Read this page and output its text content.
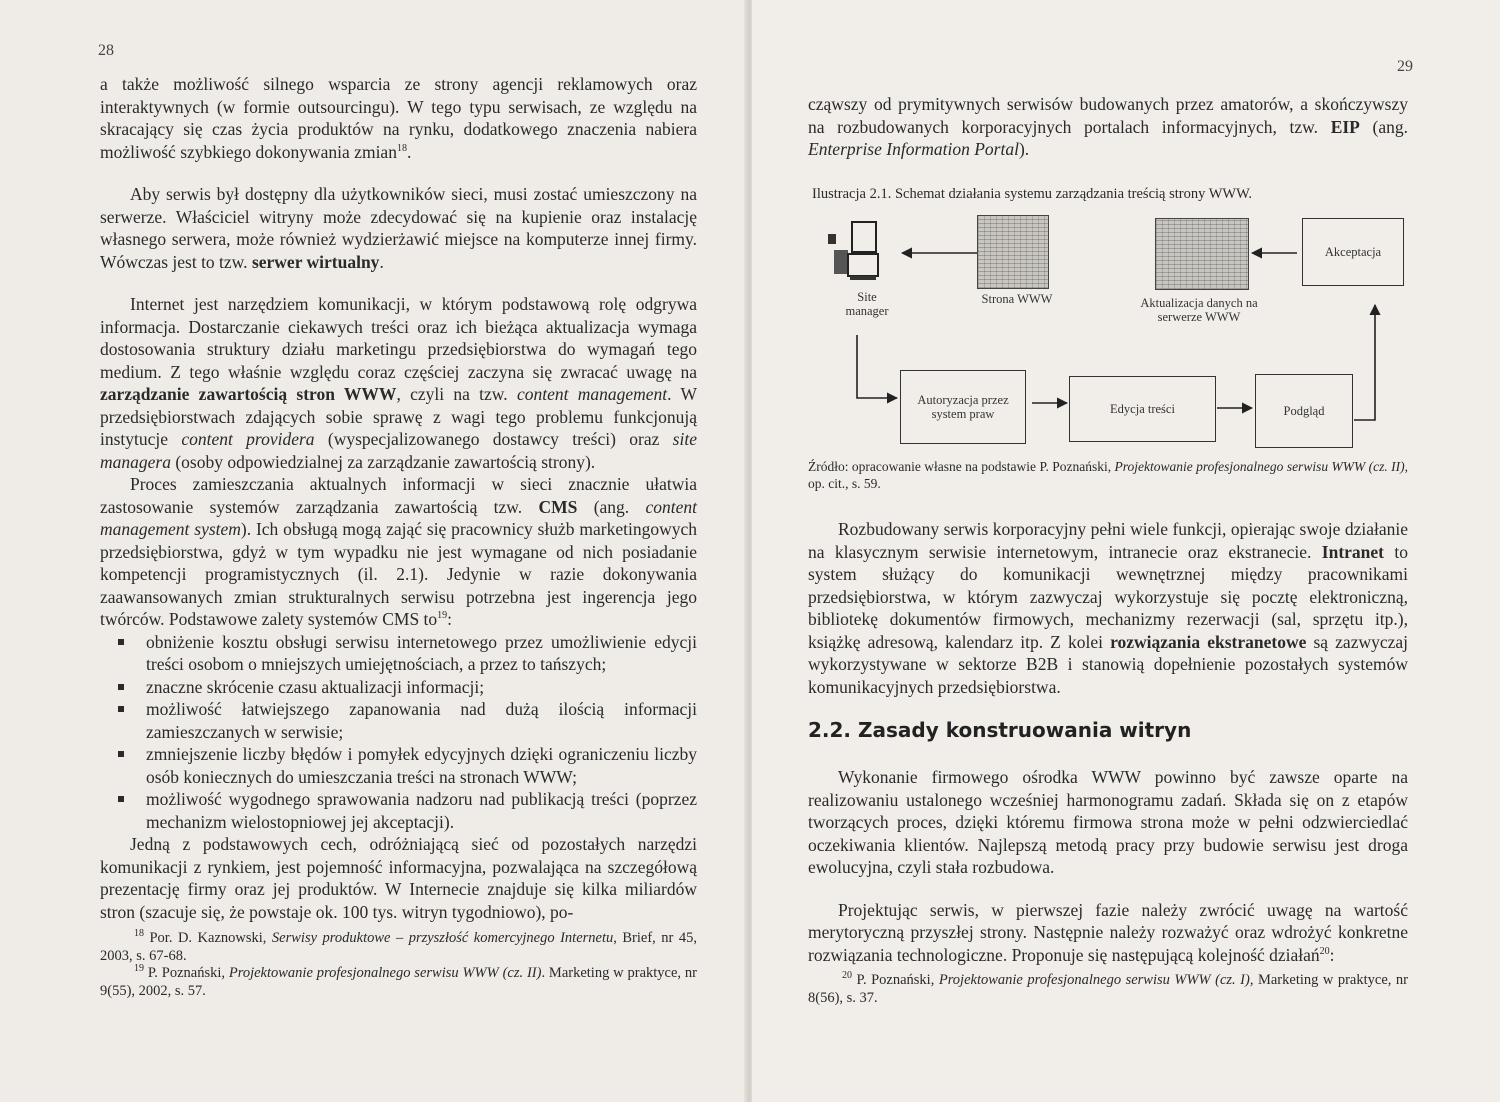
28

a także możliwość silnego wsparcia ze strony agencji reklamowych oraz interaktywnych (w formie outsourcingu). W tego typu serwisach, ze względu na skracający się czas życia produktów na rynku, dodatkowego znaczenia nabiera możliwość szybkiego dokonywania zmian$^{18}$.

Aby serwis był dostępny dla użytkowników sieci, musi zostać umieszczony na serwerze. Właściciel witryny może zdecydować się na kupienie oraz instalację własnego serwera, może również wydzierżawić miejsce na komputerze innej firmy. Wówczas jest to tzw. serwer wirtualny.

Internet jest narzędziem komunikacji, w którym podstawową rolę odgrywa informacja. Dostarczanie ciekawych treści oraz ich bieżąca aktualizacja wymaga dostosowania struktury działu marketingu przedsiębiorstwa do wymagań tego medium. Z tego właśnie względu coraz częściej zaczyna się zwracać uwagę na zarządzanie zawartością stron WWW, czyli na tzw. content management. W przedsiębiorstwach zdających sobie sprawę z wagi tego problemu funkcjonują instytucje content providera (wyspecjalizowanego dostawcy treści) oraz site managera (osoby odpowiedzialnej za zarządzanie zawartością strony).

Proces zamieszczania aktualnych informacji w sieci znacznie ułatwia zastosowanie systemów zarządzania zawartością tzw. CMS (ang. content management system). Ich obsługą mogą zająć się pracownicy służb marketingowych przedsiębiorstwa, gdyż w tym wypadku nie jest wymagane od nich posiadanie kompetencji programistycznych (il. 2.1). Jedynie w razie dokonywania zaawansowanych zmian strukturalnych serwisu potrzebna jest ingerencja jego twórców. Podstawowe zalety systemów CMS $to^{19}$:

obniżenie kosztu obsługi serwisu internetowego przez umożliwienie edycji treści osobom o mniejszych umiejętnościach, a przez to tańszych;
znaczne skrócenie czasu aktualizacji informacji;
możliwość łatwiejszego zapanowania nad dużą ilością informacji zamieszczanych w serwisie;
zmniejszenie liczby błędów i pomyłek edycyjnych dzięki ograniczeniu liczby osób koniecznych do umieszczania treści na stronach WWW;
możliwość wygodnego sprawowania nadzoru nad publikacją treści (poprzez mechanizm wielostopniowej jej akceptacji).

Jedną z podstawowych cech, odróżniającą sieć od pozostałych narzędzi komunikacji z rynkiem, jest pojemność informacyjna, pozwalająca na szczegółową prezentację firmy oraz jej produktów. W Internecie znajduje się kilka miliardów stron (szacuje się, że powstaje ok. 100 tys. witryn tygodniowo), po-

$^{18}$ Por. D. Kaznowski, Serwisy produktowe – przyszłość komercyjnego Internetu, Brief, nr 45, 2003, s. 67-68.

$^{19}$ P. Poznański, Projektowanie profesjonalnego serwisu WWW (cz. II). Marketing w praktyce, nr 9(55), 2002, s. 57.

29

cząwszy od prymitywnych serwisów budowanych przez amatorów, a skończywszy na rozbudowanych korporacyjnych portalach informacyjnych, tzw. EIP (ang. Enterprise Information Portal).

Ilustracja 2.1. Schemat działania systemu zarządzania treścią strony WWW.
Site manager
Strona WWW	Aktualizacja danych na serwerze WWW
Akceptacja
Autoryzacja przez system praw	Edycja treści	Podgląd
Źródło: opracowanie własne na podstawie P. Poznański, Projektowanie profesjonalnego serwisu WWW (cz. II), op. cit., s. 59.

Rozbudowany serwis korporacyjny pełni wiele funkcji, opierając swoje działanie na klasycznym serwisie internetowym, intranecie oraz ekstranecie. Intranet to system służący do komunikacji wewnętrznej między pracownikami przedsiębiorstwa, w którym zazwyczaj wykorzystuje się pocztę elektroniczną, bibliotekę dokumentów firmowych, mechanizmy rezerwacji (sal, sprzętu itp.), książkę adresową, kalendarz itp. Z kolei rozwiązania ekstranetowe są zazwyczaj wykorzystywane w sektorze B2B i stanowią dopełnienie pozostałych systemów komunikacyjnych przedsiębiorstwa.

2.2. Zasady konstruowania witryn

Wykonanie firmowego ośrodka WWW powinno być zawsze oparte na realizowaniu ustalonego wcześniej harmonogramu zadań. Składa się on z etapów tworzących proces, dzięki któremu firmowa strona może w pełni odzwierciedlać oczekiwania klientów. Najlepszą metodą pracy przy budowie serwisu jest droga ewolucyjna, czyli stała rozbudowa.

Projektując serwis, w pierwszej fazie należy zwrócić uwagę na wartość merytoryczną przyszłej strony. Następnie należy rozważyć oraz wdrożyć konkretne rozwiązania technologiczne. Proponuje się następującą kolejność działań$^{20}$:

$^{20}$ P. Poznański, Projektowanie profesjonalnego serwisu WWW (cz. I), Marketing w praktyce, nr 8(56), s. 37.
